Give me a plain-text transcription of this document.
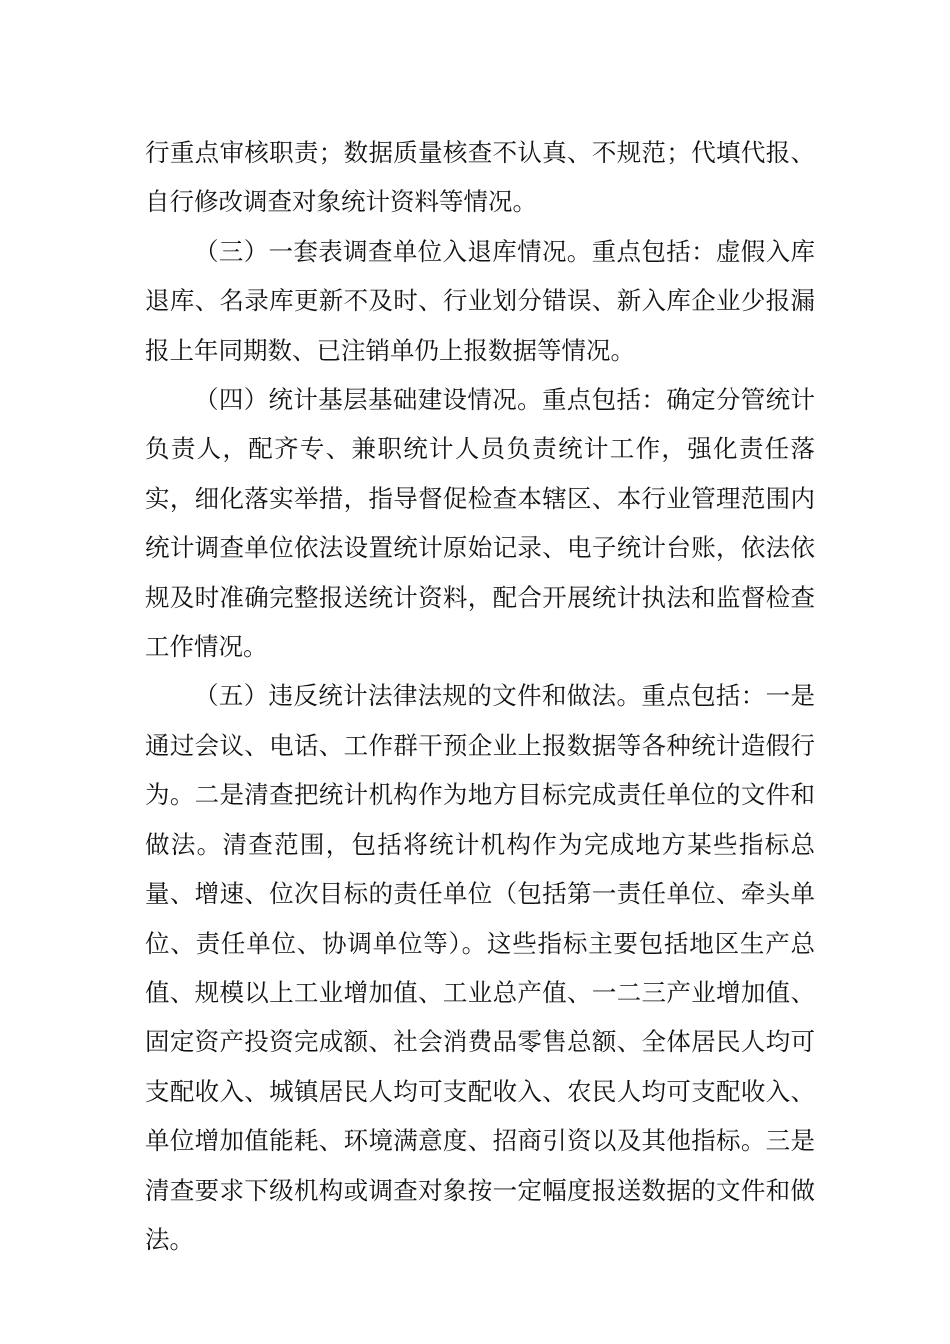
行重点审核职责；数据质量核查不认真、不规范；代填代报、自行修改调查对象统计资料等情况。

（三）一套表调查单位入退库情况。重点包括：虚假入库退库、名录库更新不及时、行业划分错误、新入库企业少报漏报上年同期数、已注销单仍上报数据等情况。

（四）统计基层基础建设情况。重点包括：确定分管统计负责人，配齐专、兼职统计人员负责统计工作，强化责任落实，细化落实举措，指导督促检查本辖区、本行业管理范围内统计调查单位依法设置统计原始记录、电子统计台账，依法依规及时准确完整报送统计资料，配合开展统计执法和监督检查工作情况。

（五）违反统计法律法规的文件和做法。重点包括：一是通过会议、电话、工作群干预企业上报数据等各种统计造假行为。二是清查把统计机构作为地方目标完成责任单位的文件和做法。清查范围，包括将统计机构作为完成地方某些指标总量、增速、位次目标的责任单位（包括第一责任单位、牵头单位、责任单位、协调单位等）。这些指标主要包括地区生产总值、规模以上工业增加值、工业总产值、一二三产业增加值、固定资产投资完成额、社会消费品零售总额、全体居民人均可支配收入、城镇居民人均可支配收入、农民人均可支配收入、单位增加值能耗、环境满意度、招商引资以及其他指标。三是清查要求下级机构或调查对象按一定幅度报送数据的文件和做法。
